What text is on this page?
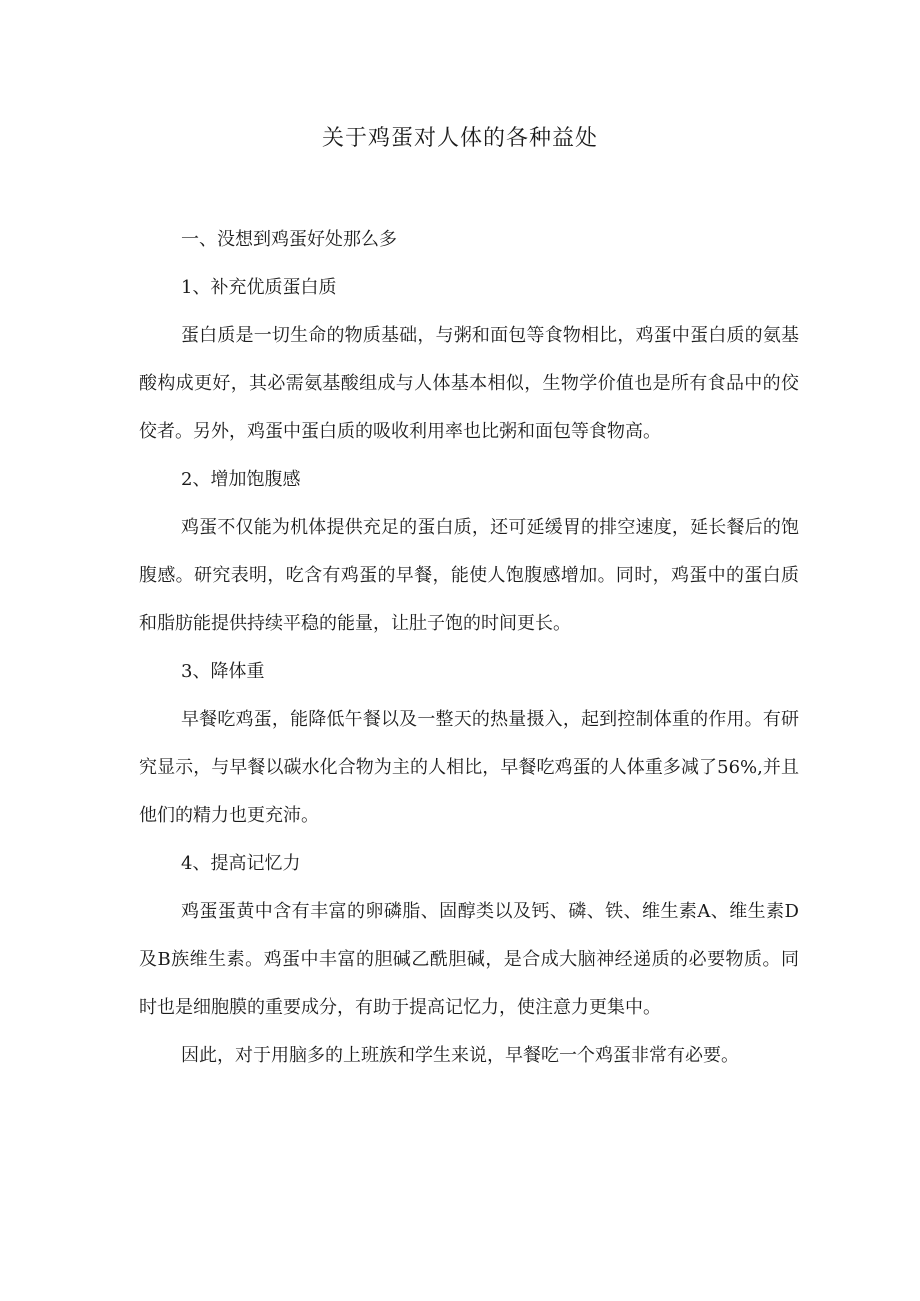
关于鸡蛋对人体的各种益处
一、没想到鸡蛋好处那么多
1、补充优质蛋白质
蛋白质是一切生命的物质基础，与粥和面包等食物相比，鸡蛋中蛋白质的氨基酸构成更好，其必需氨基酸组成与人体基本相似，生物学价值也是所有食品中的佼佼者。另外，鸡蛋中蛋白质的吸收利用率也比粥和面包等食物高。
2、增加饱腹感
鸡蛋不仅能为机体提供充足的蛋白质，还可延缓胃的排空速度，延长餐后的饱腹感。研究表明，吃含有鸡蛋的早餐，能使人饱腹感增加。同时，鸡蛋中的蛋白质和脂肪能提供持续平稳的能量，让肚子饱的时间更长。
3、降体重
早餐吃鸡蛋，能降低午餐以及一整天的热量摄入，起到控制体重的作用。有研究显示，与早餐以碳水化合物为主的人相比，早餐吃鸡蛋的人体重多减了56%,并且他们的精力也更充沛。
4、提高记忆力
鸡蛋蛋黄中含有丰富的卵磷脂、固醇类以及钙、磷、铁、维生素A、维生素D及B族维生素。鸡蛋中丰富的胆碱乙酰胆碱，是合成大脑神经递质的必要物质。同时也是细胞膜的重要成分，有助于提高记忆力，使注意力更集中。
因此，对于用脑多的上班族和学生来说，早餐吃一个鸡蛋非常有必要。
